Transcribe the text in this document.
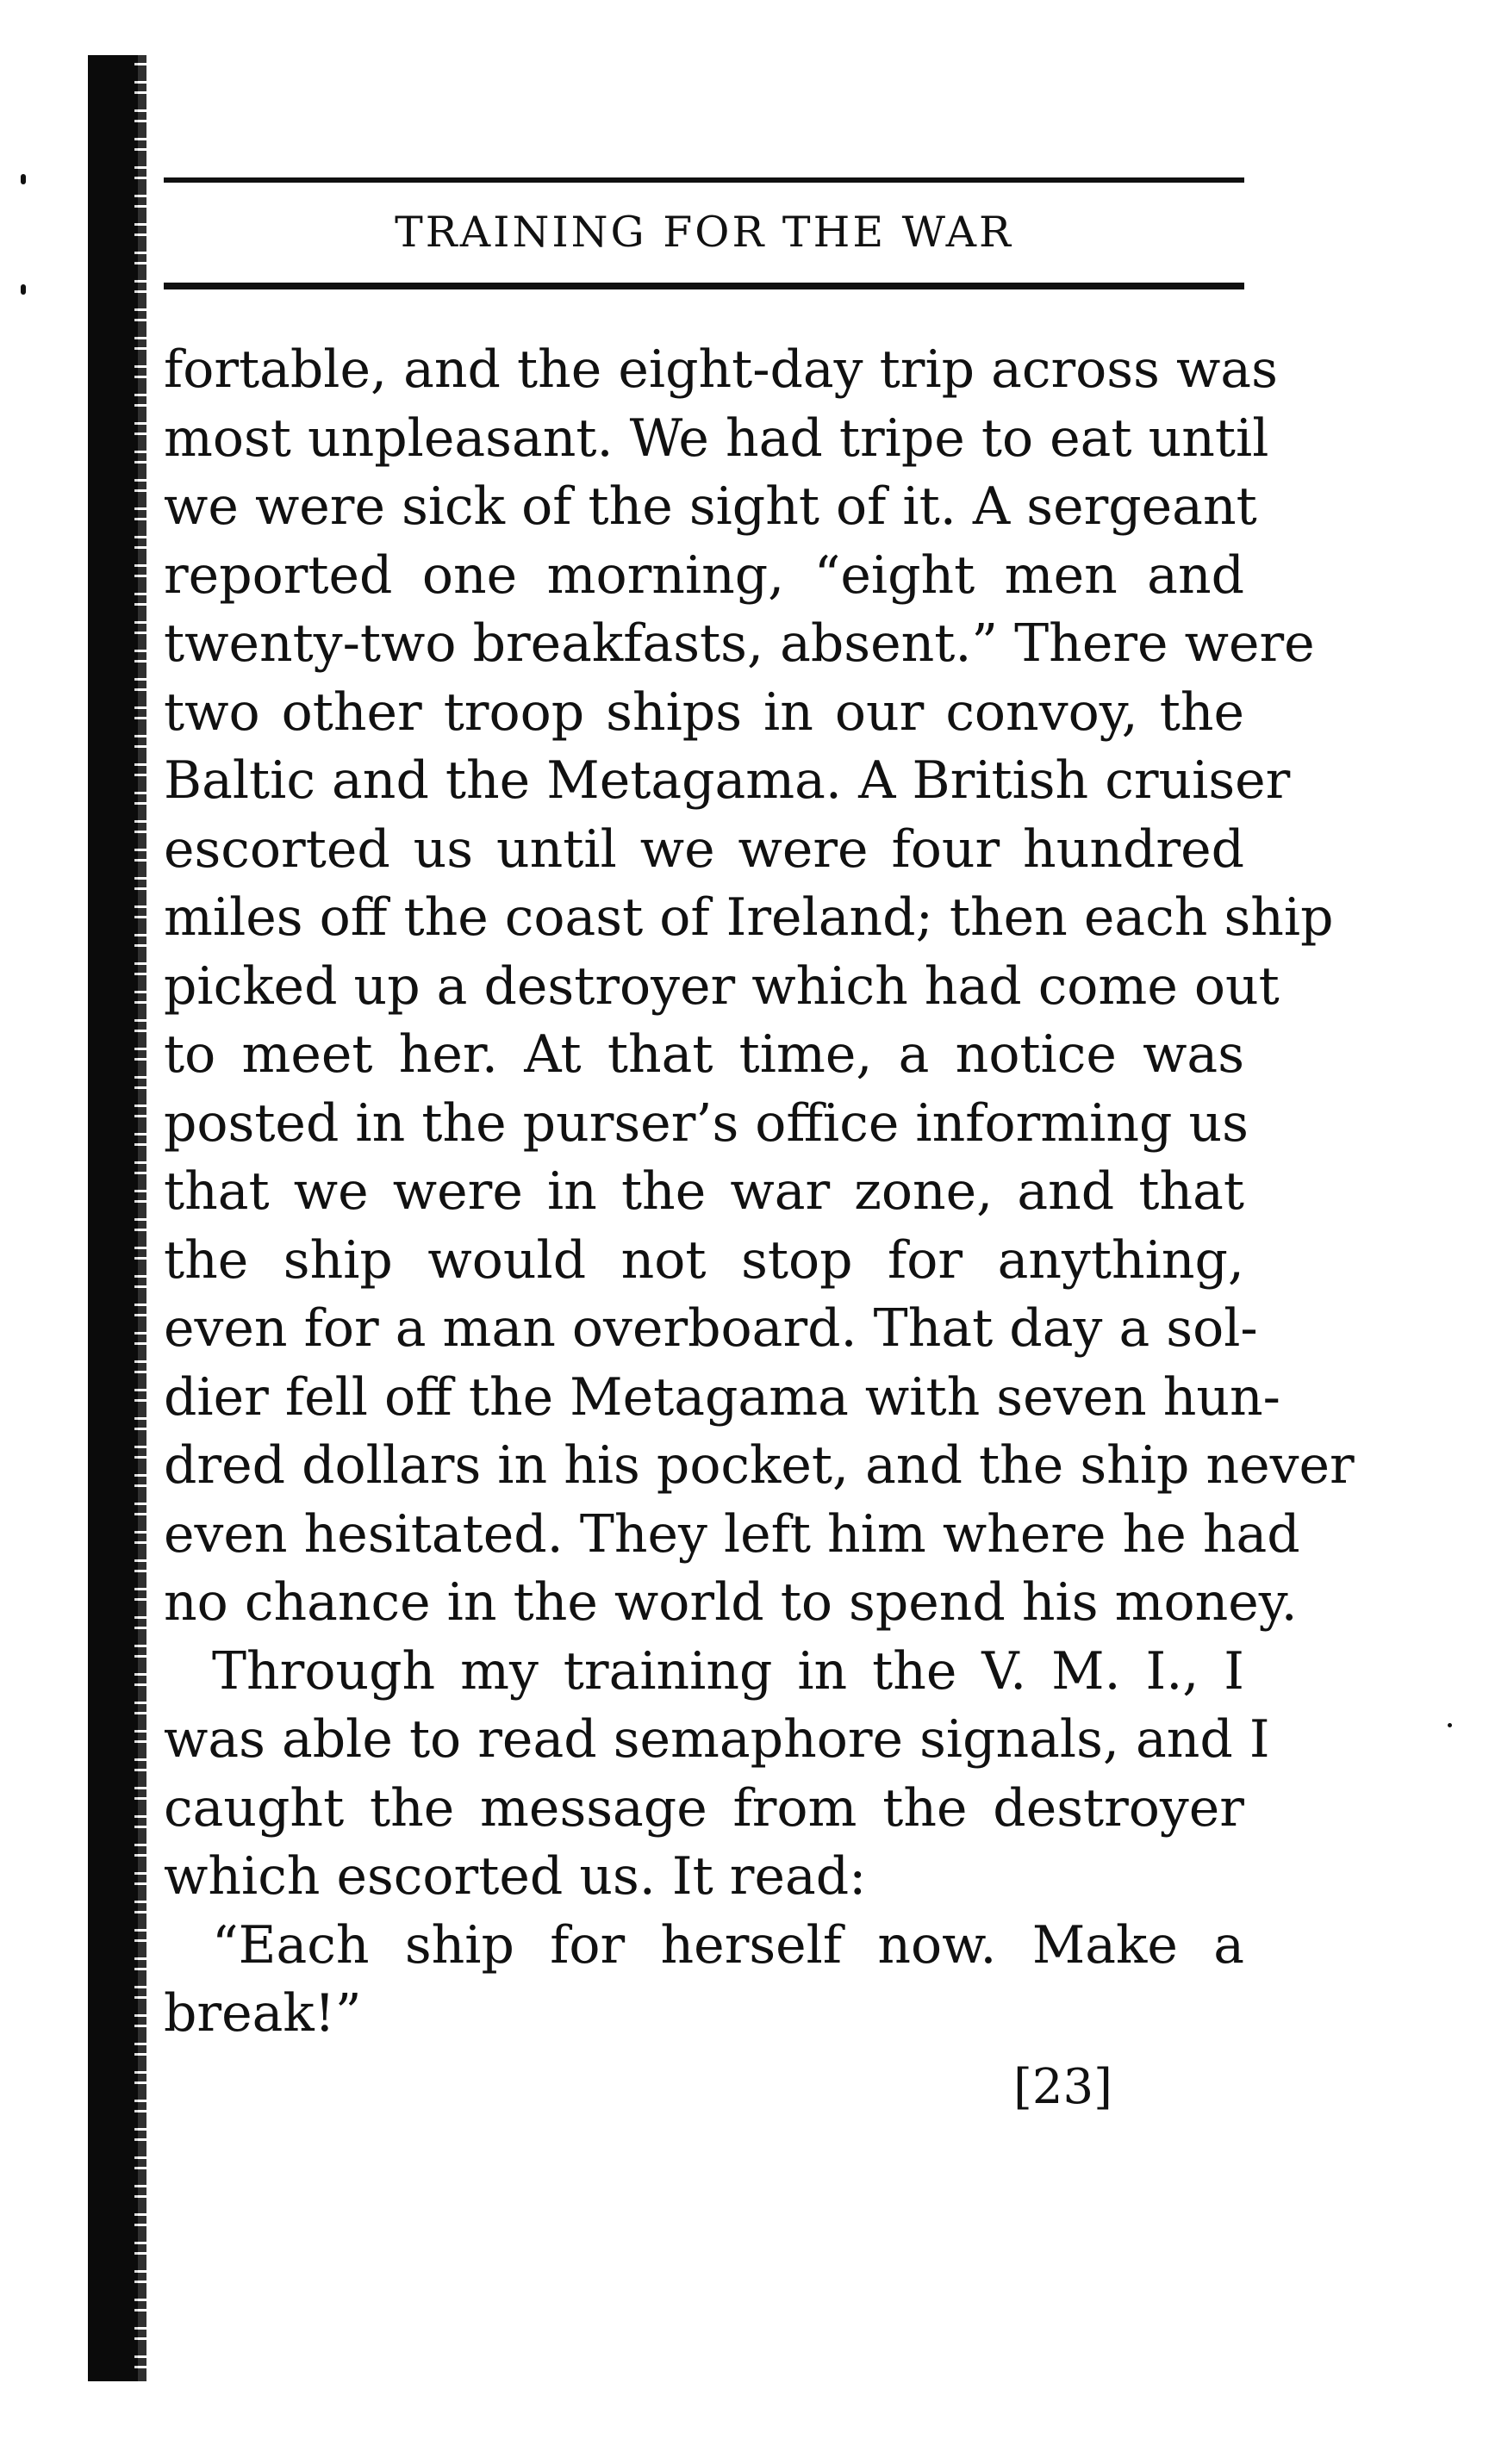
TRAINING FOR THE WAR
fortable, and the eight-day trip across was
most unpleasant. We had tripe to eat until
we were sick of the sight of it. A sergeant
reported one morning, “eight men and
twenty-two breakfasts, absent.” There were
two other troop ships in our convoy, the
Baltic and the Metagama. A British cruiser
escorted us until we were four hundred
miles off the coast of Ireland; then each ship
picked up a destroyer which had come out
to meet her. At that time, a notice was
posted in the purser’s office informing us
that we were in the war zone, and that
the ship would not stop for anything,
even for a man overboard. That day a sol-
dier fell off the Metagama with seven hun-
dred dollars in his pocket, and the ship never
even hesitated. They left him where he had
no chance in the world to spend his money.
Through my training in the V. M. I., I
was able to read semaphore signals, and I
caught the message from the destroyer
which escorted us. It read:
“Each ship for herself now. Make a
break!”
[23]
